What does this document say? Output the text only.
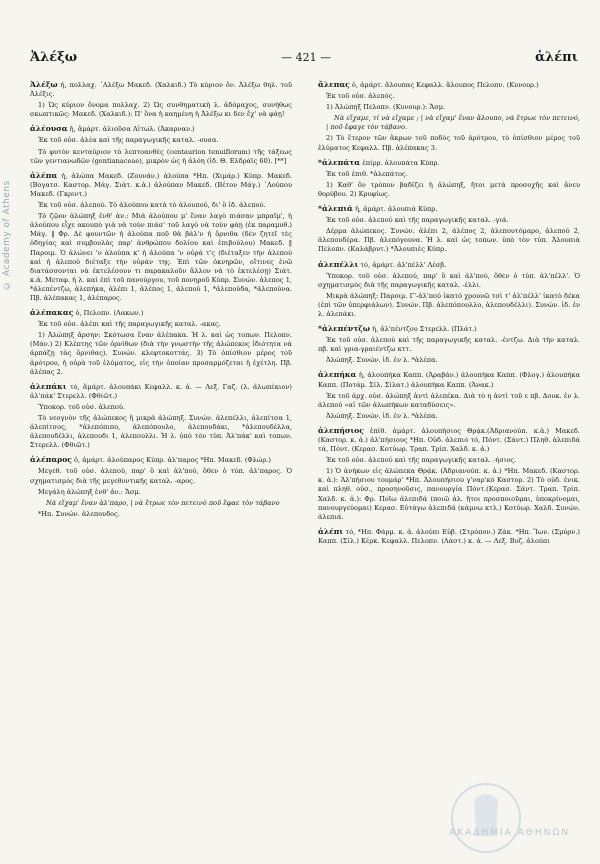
© Academy of Athens
Ἀλέξω	— 421 —	ἀλέπι

Ἀλέξω ἡ, πολλαχ. ᾿Αλέξω Μακεδ. (Χαλκιδ.) Τὸ κύριον ὄν. Ἀλέξω θηλ. τοῦ Ἀλέξις.

1) Ὡς κύριον ὄνομα πολλαχ. 2) Ὡς συνθηματικὴ λ. ἀδόμαχος, συνήθως σκωπτικῶς: Μακεδ. (Χαλκιδ.): Π' ὅνα ἡ καημένη ἡ Ἀλέξω κι δεν ἔχ' νὰ φάῃ!

ἀλέουσα ἡ, ἄμάρτ. ἀλιοῦσα Αἰτωλ. (Ἀκαρναν.)

Ἐκ τοῦ οὐσ. ἀλέα καὶ τῆς παραγωγικῆς καταλ. -ουσα.

Τὸ φυτὸν κενταύριον τὸ λεπτοανθὲς (centaurion tenuiflorum) τῆς τάξεως τῶν γεντιανωδῶν (gentianaceae), μικρὸν ὡς ἡ ἀλόη (ἰδ. Θ. Ελδράϊς 60). [**]

ἀλέπα ἡ, ἀλώπα Μακεδ. (Ζουνάν.) ἀλούπα *Ηπ. (Χιμάρ.) Κύπρ. Μακεδ. (Βογατσ. Καστορ. Μάγ. Σιάτ. κ.ἀ.) ἀλούπαν Μακεδ. (Βέτον Μάγ.) ᾿Λούπου Μακεδ. (Γκριντ.)

Ἐκ τοῦ οὐσ. ἀλεπού. Τὸ ἀλούπου κατὰ τὸ ἀλουπού, δι' ὃ ἰδ. ἀλεπού.

Τὸ ζῷον ἀλώπηξ ἐνθ' ἀν.: Μιὰ ἀλούπου μ' ἔναν λαγὸ πιάσαν μπραῖμ', ἡ ἀλούπου εἶχε ακουπὸ γιὰ νὰ τοὺν πιάσ' τοῦ λαγὸ νὰ τοὺν φάῃ (ἐκ παραμυθ.) Μάγ. ‖ Φρ. Δὲ φουντῶν ἡ ἀλούπα ποῦ θὰ βάλ'ν ἡ ὄρνιθα (δὲν ζητεῖ τὲς ὁδηγίας καὶ συμβουλὰς παρ' ἀνθρώπου δολίου καὶ ἐπιβούλου) Μακεδ. ‖ Παροιμ. Ὁ ἀλώνει 'ν ἀλούπα κ' ἡ ἀλούπα 'ν οὐρά τ'ς (διέταξεν τὴν ἀλεπού καὶ ἡ ἀλεπού διέταξε τὴν οὐράν της. Ἐπὶ τῶν ὀκνηρῶν, οἵτινες ἐνῶ διατάσσονται νὰ ἐκτελέσουν τι παρακαλοῦν ἄλλον νὰ τὸ ἐκτελέσῃ) Σιάτ. κ.ἀ. Μεταφ. ἡ λ. καὶ ἐπὶ τοῦ πανούργου, τοῦ πονηροῦ Κύπρ. Συνών. ἀλεπος 1, *ἀλεπέντζω, ἀλεπήκα, ἀλέπι 1, ἀλέπος 1, ἀλεπού 1, *ἀλεπούδα, *ἀλεπούνα. Πβ. ἀλέπακας 1, ἀλέπαρος.

ἀλέπακας ὁ, Πελοπν. (Λακων.)

Ἐκ τοῦ οὐσ. ἀλέπι καὶ τῆς παραγωγικῆς καταλ. -ακας.

1) Ἀλώπηξ ἄρσην: Σκότωσα ἕναν ἀλέπακα. Ἡ λ. καὶ ὡς τοπων. Πελοπν. (Μάν.) 2) Κλέπτης τῶν ὀρνίθων (διὰ τὴν γνωστὴν τῆς ἀλώπεκος ἰδιότητα νὰ ἁρπάζῃ τὰς ὄρνιθας). Συνών. κλεφτοκοττάς. 3) Τὸ ὀπίσθιον μέρος τοῦ ἀρότρου, ἡ οὐρὰ τοῦ ἐλύματος, εἰς τὴν ὁποίαν προσαρμόζεται ἡ ἐχέτλη. Πβ. ἀλέπας 2.

ἀλεπάκι τό, ἄμάρτ. ἀλουπάκι Κεφαλλ. κ. ἁ. — Λεξ. Γαζ. (λ. ἀλωπέκιον) ἀλ'πάκ' Στερελλ. (Φθιῶτ.)

Ὑποκορ. τοῦ οὐσ. ἀλεπού.

Τὸ νεογνὸν τῆς ἀλώπεκος ἢ μικρὰ ἀλώπηξ. Συνών. ἀλεπέλλι, ἀλεπίτσα 1, ἀλεπίτσος, *ἀλεπόπιπο, ἀλεπόπουλο, ἀλεπουδάκι, *ἀλεπουδέλλα, ἀλεπουδέλλι, ἀλεπουδι 1, ἀλεπουλλι. Ἡ λ. ὑπὸ τὸν τύπ. Ἀλ'πάκ' καὶ τοπων. Στερελλ. (Φθιῶτ.)

ἀλέπαρος ὁ, ἀμάρτ. ἀλούπαρος Κύπρ. ἀλ'παρος *Ηπ. Μακεδ. (Φλώρ.)

Μεγεθ. τοῦ οὐσ. ἀλεπού, παρ' ὃ καὶ ἀλ'πού, ὅθεν ὁ τύπ. ἀλ'παρος. Ὁ σχηματισμὸς διὰ τῆς μεγεθυντικῆς καταλ. -αρος.

Μεγάλη ἀλώπηξ ἐνθ' ἀν.: Ἄσμ.

Νὰ εἴχαμ' ἕναν ἀλ'παρο, | νὰ ἔτρωε τὸν πετεινὸ ποῦ ἔφαε τὸν τάβανο

*Ηπ. Συνών. ἀλεπουδος.

ἄλεπας ὁ, ἀμάρτ. ἄλουπας Κεφαλλ. ἄλουπος Πελοπν. (Κυνουρ.)

Ἐκ τοῦ οὐσ. ἀλεπός.

1) Ἀλώπηξ Πελοπν. (Κυνουρ.): Ἄσμ.

Νὰ εἴχαμε, τί νὰ εἴχαμε ; | νὰ εἴχαμ' ἕναν ἄλουπο, νὰ ἔτρωε τὸν πετεινό, | ποῦ ἔφαγε τὸν τάβανο.

2) Τὸ ἕτερον τῶν ἄκρων τοῦ ποδὸς τοῦ ἀρότρου, τὸ ὀπίσθιον μέρος τοῦ ἐλύματος Κεφαλλ. Πβ. ἀλέπακας 3.

*ἀλεπάτα ἐπίρρ. ἀλουπάτα Κύπρ.

Ἐκ τοῦ ἐπιθ. *ἀλεπάτος.

1) Καθ' ὃν τρόπον βαδίζει ἡ ἀλώπηξ, ἤτοι μετὰ προσοχῆς καὶ ἄνευ θορύβου. 2) Κρυφίως.

*ἀλεπιά ἡ, ἀμάρτ. ἀλουπιά Κύπρ.

Ἐκ τοῦ οὐσ. ἀλεπού καὶ τῆς παραγωγικῆς καταλ. -γιά.

Δέρμα ἀλώπεκος. Συνών. ἀλέπι 2, ἀλέπος 2, ἀλεπουτόμαρο, ἀλεπού 2, ἀλεπουδέρα. Πβ. ἀλεπόγουνα. Ἡ λ. καὶ ὡς τοπων. ὑπὸ τὸν τύπ. Ἀλουπιὰ Πελοπν. (Καλάβρυτ.) *Ἀλουπιὲς Κύπρ.

ἀλεπέλλι τό, ἀμάρτ. ἀλ'πέλλ' Λέσβ.

Ὑποκορ. τοῦ οὐσ. ἀλεπού, παρ' ὃ καὶ ἀλ'πού, ὅθεν ὁ τύπ. ἀλ'πέλλ'. Ὁ σχηματισμὸς διὰ τῆς παραγωγικῆς καταλ. -έλλι.

Μικρὰ ἀλώπηξ: Παροιμ. Γ'-ἀλ'πού ἰκατό χρουνῶ τσὶ τ' ἀλ'πέλλ' ἰκατὸ δέκα (ἐπὶ τῶν ὑπερφιάλων). Συνών. Πβ. ἀλεπόπουλλο, ἀλεπουδέλλι). Συνών. ἰδ. ἐν λ. ἀλεπάκι.

*ἀλεπέντζω ἡ, ἀλ'πέντζου Στερελλ. (Πλάτ.)

Ἐκ τοῦ οὐσ. ἀλεπού καὶ τῆς παραγωγικῆς καταλ. -έντζω. Διὰ τὴν καταλ. πβ. καὶ γρια-γραιέντζω κττ.

Ἀλώπηξ. Συνών. ἰδ. ἐν λ. *ἀλέπα.

ἀλεπήκα ἡ, ἀλουπήκα Καππ. (Ἀραβάν.) ἀλουπήκα Καππ. (Φλογ.) ἀλουπήκα Καππ. (Ποτάμ. Σίλ. Σίλατ.) ἀλουπήκα Καππ. (Ἀνακ.)

Ἐκ τοῦ ἀρχ. οὐσ. ἀλώπηξ ἀντὶ ἀλεπέκα. Διὰ τὸ η ἀντὶ τοῦ ε πβ. Δουκ. ἐν λ. ἀλεπού «αἱ τῶν ἀλωπήκων καταδύσεις».

Ἀλώπηξ. Συνών. ἰδ. ἐν λ. *ἀλέπα.

ἀλεπήσιος ἐπίθ. ἀμάρτ. ἀλουπήσιος Θρᾴκ.(Ἀδριανούπ. κ.ἁ.) Μακεδ.(Καστορ. κ. ἁ.) ἀλ'πήσιους *Ηπ. Οὐδ. ἀλεπιό τό, Πόντ. (Σάντ.) Πληθ. ἀλεπιδά τά, Πόντ. (Κερασ. Κοτύωρ. Τραπ. Τρίπ. Χαλδ. κ. ἁ.)

Ἐκ τοῦ οὐσ. ἀλεπού καὶ τῆς παραγωγικῆς καταλ. -ήσιος.

1) Ὁ ἀνήκων εἰς ἀλώπεκα Θρᾴκ. (Ἀδριανούπ. κ. ἁ.) *Ηπ. Μακεδ. (Καστορ. κ. ἁ.): Ἀλ'πήσιου τουμάρ' *Ηπ. Ἀλουπήσιου γ'ναρ'κό Καστορ. 2) Τὸ οὐδ. ἐνικ. καὶ πληθ. οὐσ., προσηνοῦσις, πανουργία Πόντ.(Κερασ. Σάντ. Τραπ. Τρίπ. Χαλδ. κ. ἁ.): Φρ. Ποῖω ἀλεπιδά (ποιῶ ἀλ. ἤτοι προσποιοῦμαι, ὑποκρίνομαι, πανουργεύομαι) Κερασ. Εὐτάγω ἀλεπιδά (κάμνω κτλ.) Κοτύωρ. Χαλδ. Συνών. ἀλεπιά.

ἀλέπι τό, *Ηπ. Φάρμ. κ. ἁ. ἀλούπι Εὐβ. (Στρόπον.) Ζάκ. *Ηπ. Ἴων. (Σμύρν.) Καππ. (Σίλ.) Κέρκ. Κεφαλλ. Πελοπν. (Λάστ.) κ. ἁ. — Λεξ. Βυζ. ἀλούπι

ΑΚΑΔΗΜΙΑ ΑΘΗΝΩΝ
